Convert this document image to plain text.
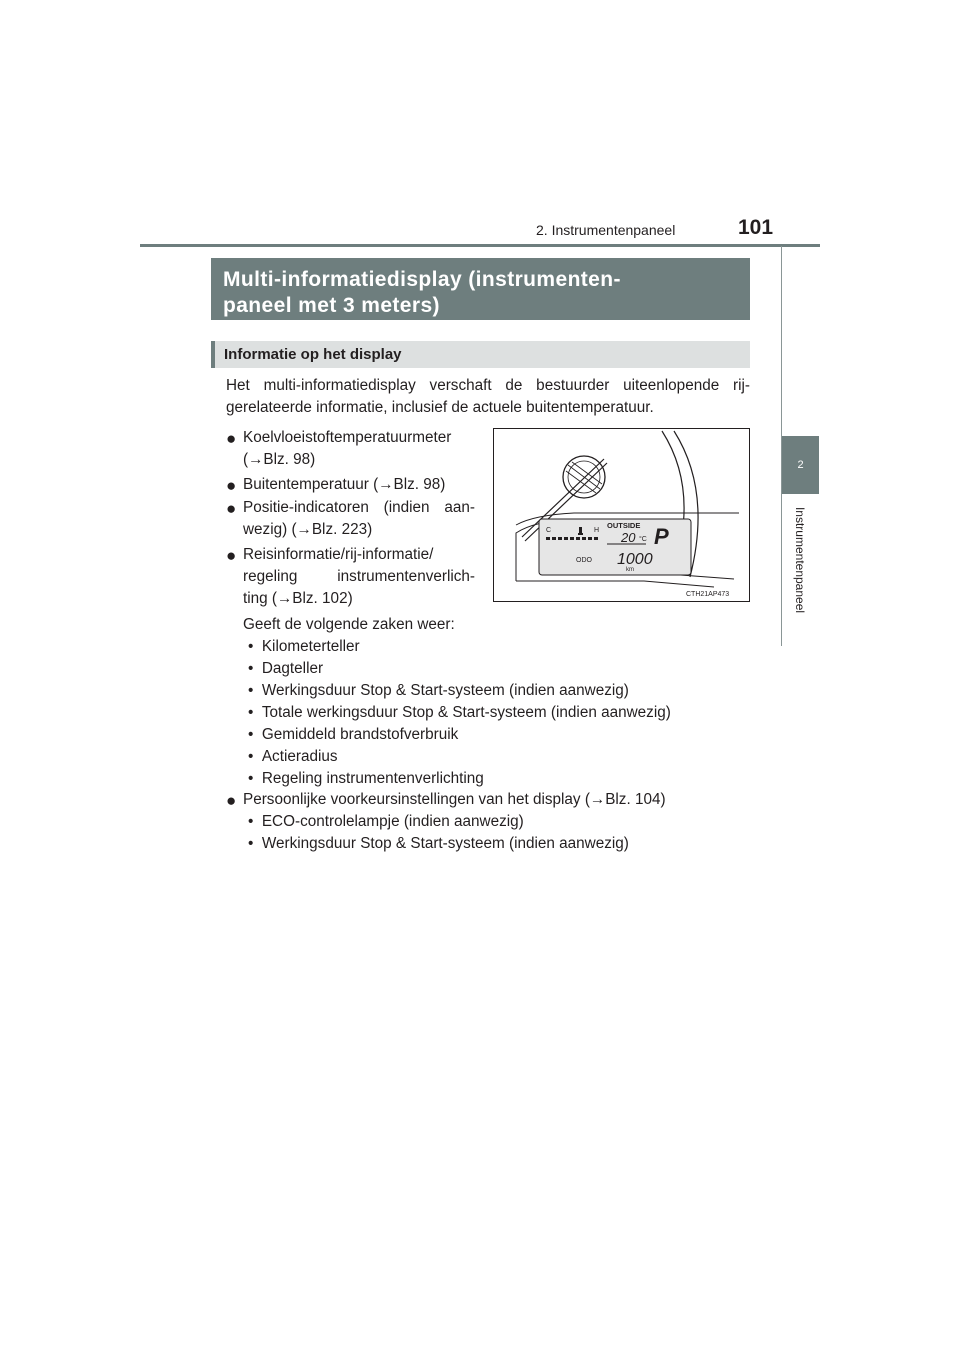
2. Instrumentenpaneel	101
2
Instrumentenpaneel
Multi-informatiedisplay (instrumenten-
paneel met 3 meters)
Informatie op het display
Het multi-informatiedisplay verschaft de bestuurder uiteenlopende rij-
gerelateerde informatie, inclusief de actuele buitentemperatuur.
● Koelvloeistoftemperatuurmeter
(→Blz. 98)
● Buitentemperatuur (→Blz. 98)
● Positie-indicatoren (indien aan-
wezig) (→Blz. 223)
● Reisinformatie/rij-informatie/
regeling instrumentenverlich-
ting (→Blz. 102)
Geeft de volgende zaken weer:
•  Kilometerteller
•  Dagteller
•  Werkingsduur Stop & Start-systeem (indien aanwezig)
•  Totale werkingsduur Stop & Start-systeem (indien aanwezig)
•  Gemiddeld brandstofverbruik
•  Actieradius
•  Regeling instrumentenverlichting
● Persoonlijke voorkeursinstellingen van het display (→Blz. 104)
•  ECO-controlelampje (indien aanwezig)
•  Werkingsduur Stop & Start-systeem (indien aanwezig)
C	H
OUTSIDE
20 °C P
ODO 1000
km
CTH21AP473
